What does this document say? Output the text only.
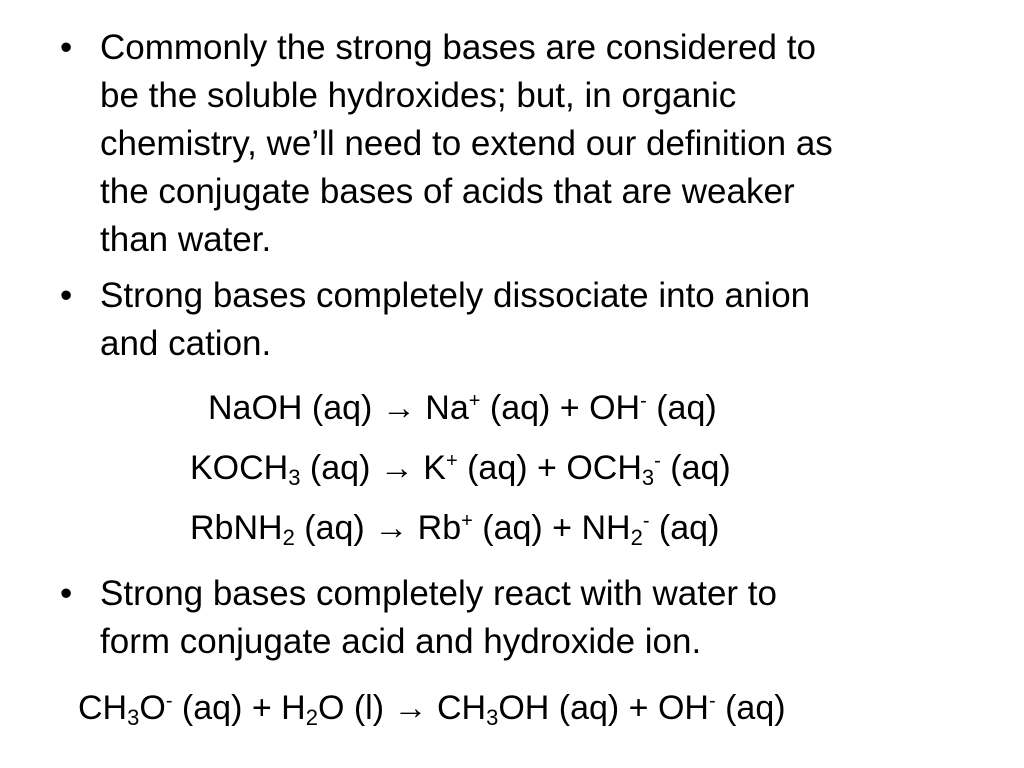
• Commonly the strong bases are considered to
be the soluble hydroxides; but, in organic
chemistry, we’ll need to extend our definition as
the conjugate bases of acids that are weaker
than water.
• Strong bases completely dissociate into anion
and cation.
NaOH (aq) → Na+ (aq) + OH- (aq)
$KOCH_3$ (aq) → K+ $(aq) + OCH_3^-$ (aq)
RbNH$_2$ (aq) → Rb+ $(aq) + NH_2^-$ (aq)
• Strong bases completely react with water to
form conjugate acid and hydroxide ion.
$CH_3O^-$ $(aq) + H_2O$ $(l) \to CH_3OH$ (aq) + OH- (aq)
